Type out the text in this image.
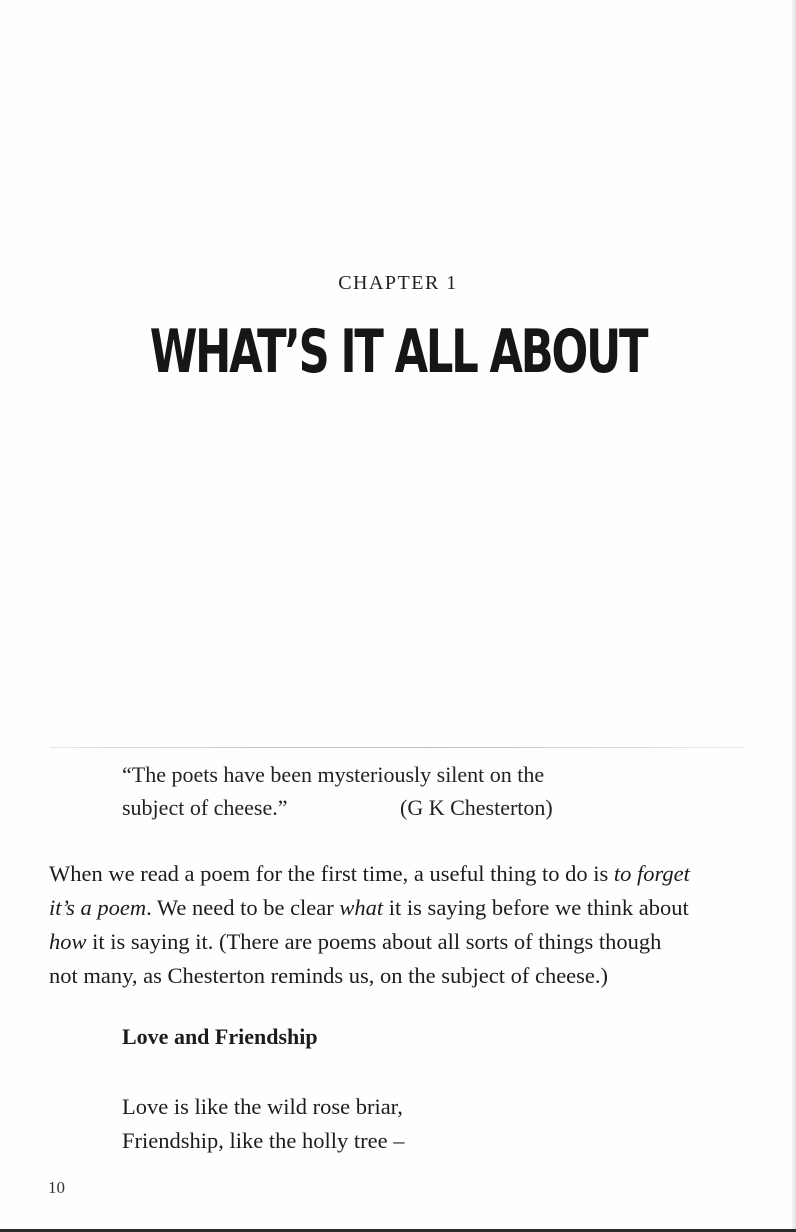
CHAPTER 1
WHAT’S IT ALL ABOUT
“The poets have been mysteriously silent on the
subject of cheese.”	(G K Chesterton)
When we read a poem for the first time, a useful thing to do is to forget
it’s a poem. We need to be clear what it is saying before we think about
how it is saying it. (There are poems about all sorts of things though
not many, as Chesterton reminds us, on the subject of cheese.)
Love and Friendship
Love is like the wild rose briar,
Friendship, like the holly tree –
10
